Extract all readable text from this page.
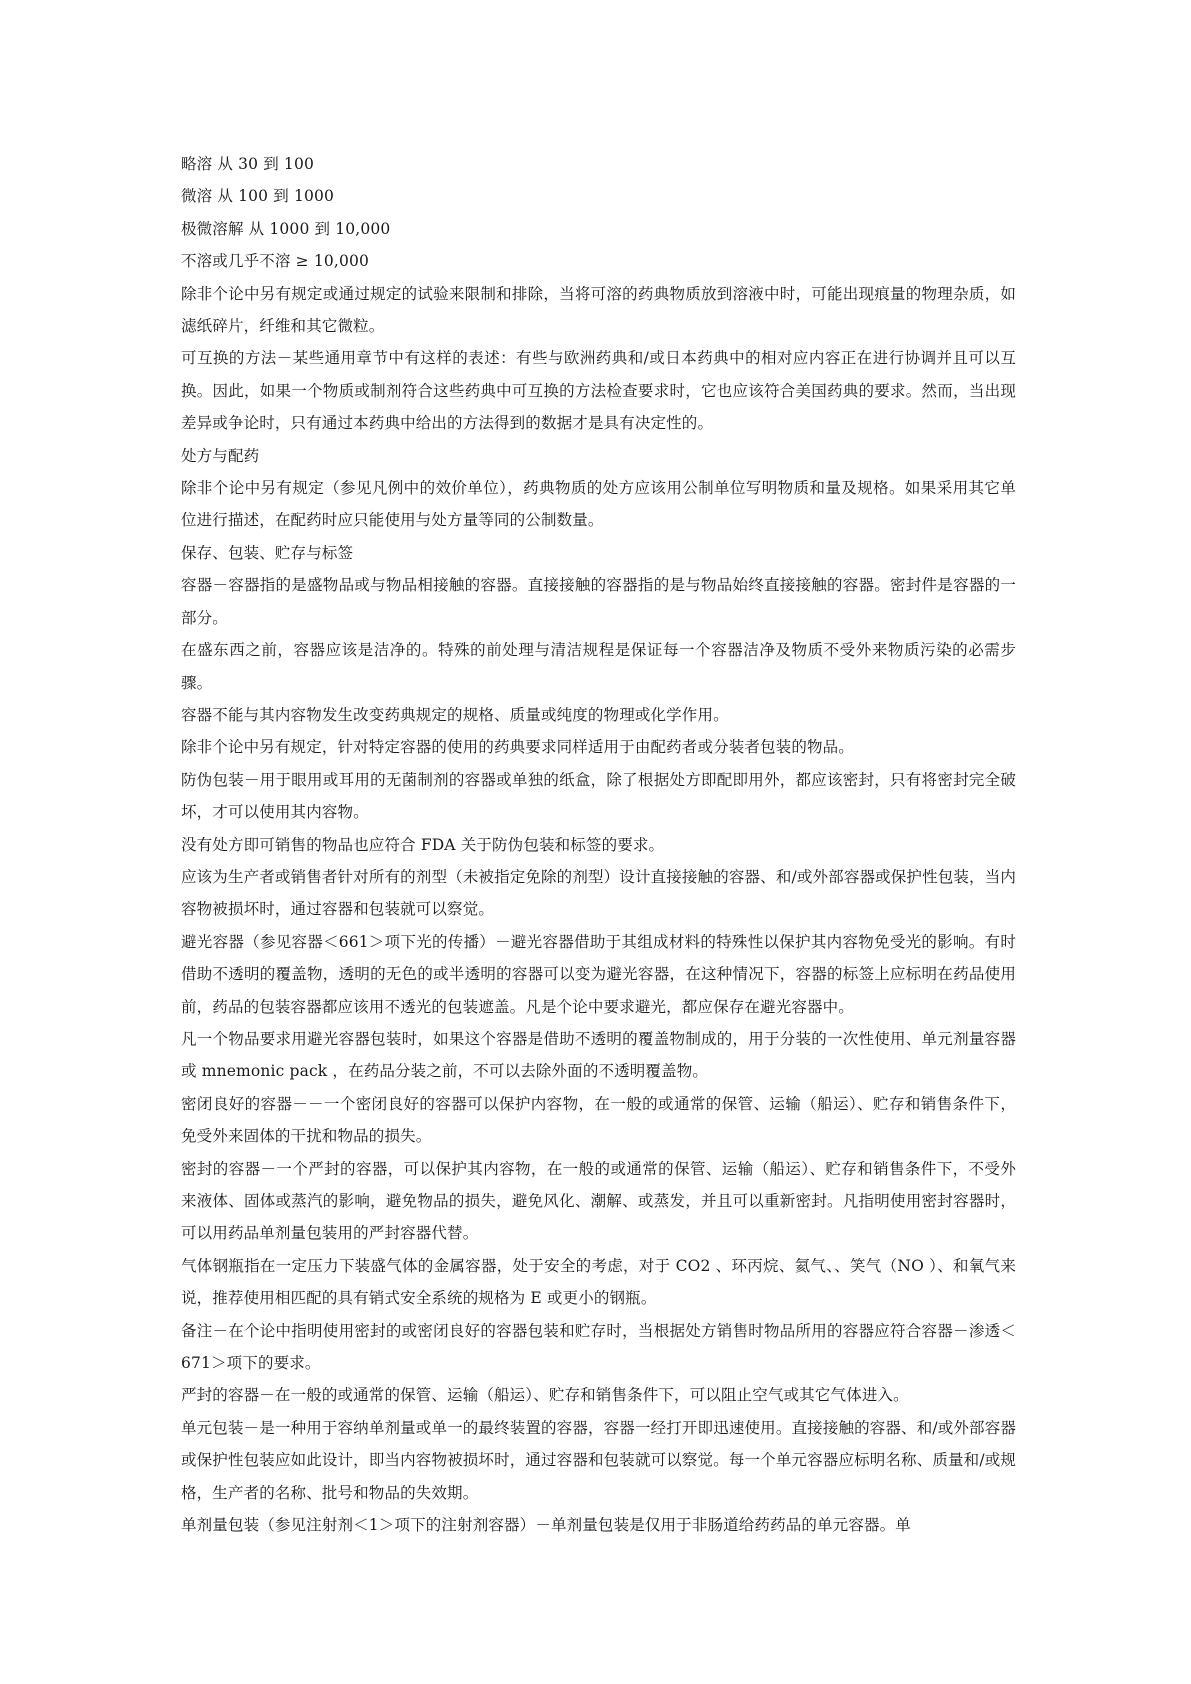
略溶 从 30 到 100

微溶 从 100 到 1000

极微溶解 从 1000 到 10,000

不溶或几乎不溶 ≥ 10,000

除非个论中另有规定或通过规定的试验来限制和排除，当将可溶的药典物质放到溶液中时，可能出现痕量的物理杂质，如滤纸碎片，纤维和其它微粒。

可互换的方法－某些通用章节中有这样的表述：有些与欧洲药典和/或日本药典中的相对应内容正在进行协调并且可以互换。因此，如果一个物质或制剂符合这些药典中可互换的方法检查要求时，它也应该符合美国药典的要求。然而，当出现差异或争论时，只有通过本药典中给出的方法得到的数据才是具有决定性的。

处方与配药

除非个论中另有规定（参见凡例中的效价单位），药典物质的处方应该用公制单位写明物质和量及规格。如果采用其它单位进行描述，在配药时应只能使用与处方量等同的公制数量。

保存、包装、贮存与标签

容器－容器指的是盛物品或与物品相接触的容器。直接接触的容器指的是与物品始终直接接触的容器。密封件是容器的一部分。

在盛东西之前，容器应该是洁净的。特殊的前处理与清洁规程是保证每一个容器洁净及物质不受外来物质污染的必需步骤。

容器不能与其内容物发生改变药典规定的规格、质量或纯度的物理或化学作用。

除非个论中另有规定，针对特定容器的使用的药典要求同样适用于由配药者或分装者包装的物品。

防伪包装－用于眼用或耳用的无菌制剂的容器或单独的纸盒，除了根据处方即配即用外，都应该密封，只有将密封完全破坏，才可以使用其内容物。

没有处方即可销售的物品也应符合 FDA 关于防伪包装和标签的要求。

应该为生产者或销售者针对所有的剂型（未被指定免除的剂型）设计直接接触的容器、和/或外部容器或保护性包装，当内容物被损坏时，通过容器和包装就可以察觉。

避光容器（参见容器＜661＞项下光的传播）－避光容器借助于其组成材料的特殊性以保护其内容物免受光的影响。有时借助不透明的覆盖物，透明的无色的或半透明的容器可以变为避光容器，在这种情况下，容器的标签上应标明在药品使用前，药品的包装容器都应该用不透光的包装遮盖。凡是个论中要求避光，都应保存在避光容器中。

凡一个物品要求用避光容器包装时，如果这个容器是借助不透明的覆盖物制成的，用于分装的一次性使用、单元剂量容器或 mnemonic pack ，在药品分装之前，不可以去除外面的不透明覆盖物。

密闭良好的容器－－一个密闭良好的容器可以保护内容物，在一般的或通常的保管、运输（船运）、贮存和销售条件下，免受外来固体的干扰和物品的损失。

密封的容器－一个严封的容器，可以保护其内容物，在一般的或通常的保管、运输（船运）、贮存和销售条件下，不受外来液体、固体或蒸汽的影响，避免物品的损失，避免风化、潮解、或蒸发，并且可以重新密封。凡指明使用密封容器时，可以用药品单剂量包装用的严封容器代替。

气体钢瓶指在一定压力下装盛气体的金属容器，处于安全的考虑，对于 CO2 、环丙烷、氦气、、笑气（NO ）、和氧气来说，推荐使用相匹配的具有销式安全系统的规格为 E 或更小的钢瓶。

备注－在个论中指明使用密封的或密闭良好的容器包装和贮存时，当根据处方销售时物品所用的容器应符合容器－渗透＜671＞项下的要求。

严封的容器－在一般的或通常的保管、运输（船运）、贮存和销售条件下，可以阻止空气或其它气体进入。

单元包装－是一种用于容纳单剂量或单一的最终装置的容器，容器一经打开即迅速使用。直接接触的容器、和/或外部容器或保护性包装应如此设计，即当内容物被损坏时，通过容器和包装就可以察觉。每一个单元容器应标明名称、质量和/或规格，生产者的名称、批号和物品的失效期。

单剂量包装（参见注射剂＜1＞项下的注射剂容器）－单剂量包装是仅用于非肠道给药药品的单元容器。单
